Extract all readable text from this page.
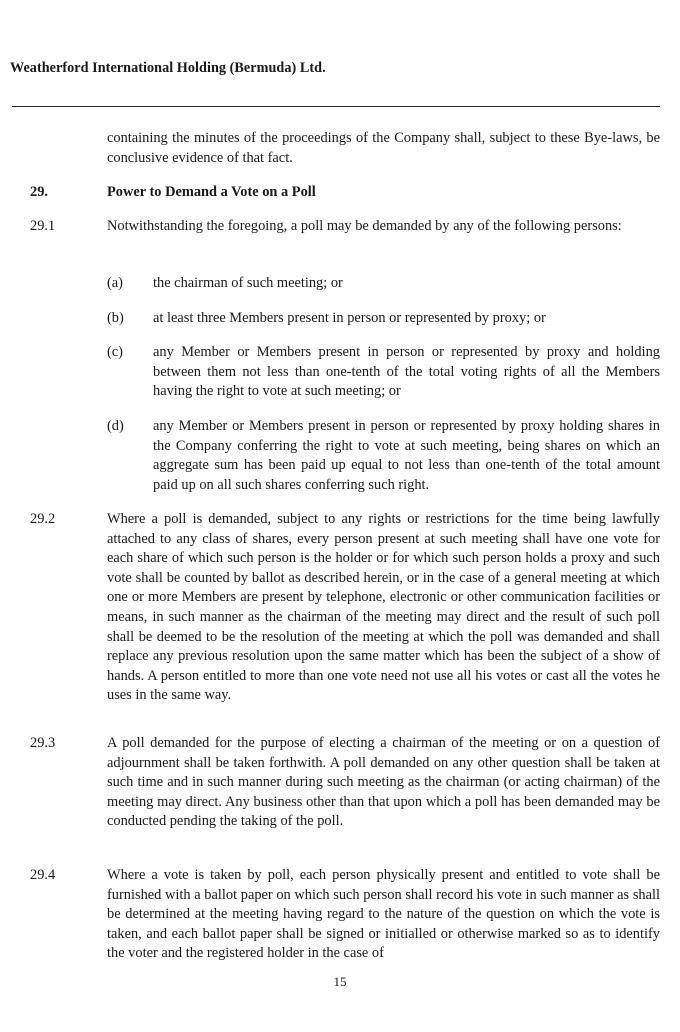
Weatherford International Holding (Bermuda) Ltd.

containing the minutes of the proceedings of the Company shall, subject to these Bye-laws, be conclusive evidence of that fact.

29.	Power to Demand a Vote on a Poll
29.1	Notwithstanding the foregoing, a poll may be demanded by any of the following persons:

(a) the chairman of such meeting; or

(b) at least three Members present in person or represented by proxy; or

(c) any Member or Members present in person or represented by proxy and holding between them not less than one-tenth of the total voting rights of all the Members having the right to vote at such meeting; or

(d) any Member or Members present in person or represented by proxy holding shares in the Company conferring the right to vote at such meeting, being shares on which an aggregate sum has been paid up equal to not less than one-tenth of the total amount paid up on all such shares conferring such right.

29.2	Where a poll is demanded, subject to any rights or restrictions for the time being lawfully attached to any class of shares, every person present at such meeting shall have one vote for each share of which such person is the holder or for which such person holds a proxy and such vote shall be counted by ballot as described herein, or in the case of a general meeting at which one or more Members are present by telephone, electronic or other communication facilities or means, in such manner as the chairman of the meeting may direct and the result of such poll shall be deemed to be the resolution of the meeting at which the poll was demanded and shall replace any previous resolution upon the same matter which has been the subject of a show of hands. A person entitled to more than one vote need not use all his votes or cast all the votes he uses in the same way.

29.3	A poll demanded for the purpose of electing a chairman of the meeting or on a question of adjournment shall be taken forthwith. A poll demanded on any other question shall be taken at such time and in such manner during such meeting as the chairman (or acting chairman) of the meeting may direct. Any business other than that upon which a poll has been demanded may be conducted pending the taking of the poll.

29.4	Where a vote is taken by poll, each person physically present and entitled to vote shall be furnished with a ballot paper on which such person shall record his vote in such manner as shall be determined at the meeting having regard to the nature of the question on which the vote is taken, and each ballot paper shall be signed or initialled or otherwise marked so as to identify the voter and the registered holder in the case of

15
